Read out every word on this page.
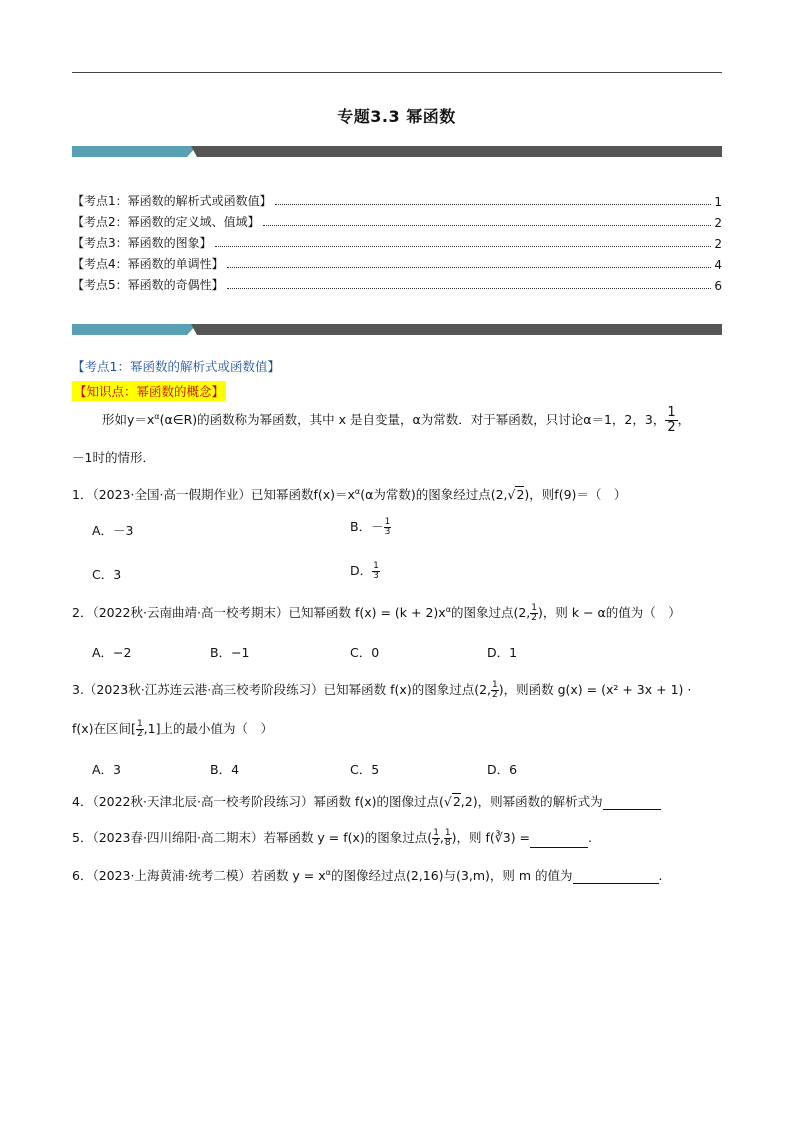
专题3.3 幂函数
【考点1：幂函数的解析式或函数值】	1
【考点2：幂函数的定义域、值域】	2
【考点3：幂函数的图象】	2
【考点4：幂函数的单调性】	4
【考点5：幂函数的奇偶性】	6
【考点1：幂函数的解析式或函数值】
【知识点：幂函数的概念】
形如$y=x^\alpha(\alpha\in R)$的函数称为幂函数，其中 x 是自变量，α为常数．对于幂函数，只讨论α＝1，2，3， $\frac{1}{2}$ ，
－1时的情形．
1．（2023·全国·高一假期作业）已知幂函数$f(x)=x^\alpha(\alpha$为常数)的图象经过点(2,√2)，则f(9)＝（　）
A．－3	B．－ $\frac{1}{3}$
C．3	D． $\frac{1}{3}$
2．（2022秋·云南曲靖·高一校考期末）已知幂函数 $f(x) = (k + 2)x^\alpha$的图象过点(2, $\frac{1}{2}$ )，则 k − α的值为（　）
A．−2	B．−1	C．0	D．1
3.（2023秋·江苏连云港·高三校考阶段练习）已知幂函数 f(x)的图象过点(2, $\frac{1}{2}$ )，则函数 g(x) = (x² + 3x + 1) ·
f(x)在区间[ $\frac{1}{2} ,1$]上的最小值为（　）
A．3	B．4	C．5	D．6
4．（2022秋·天津北辰·高一校考阶段练习）幂函数 f(x)的图像过点(√2,2)，则幂函数的解析式为
5．（2023春·四川绵阳·高二期末）若幂函数 y = f(x)的图象过点( $\frac{1}{2}$ , $\frac{1}{8}$ )，则 f(∛3) =	.
6．（2023·上海黄浦·统考二模）若函数 $y = x^\alpha$的图像经过点(2,16)与(3,m)，则 m 的值为	.
